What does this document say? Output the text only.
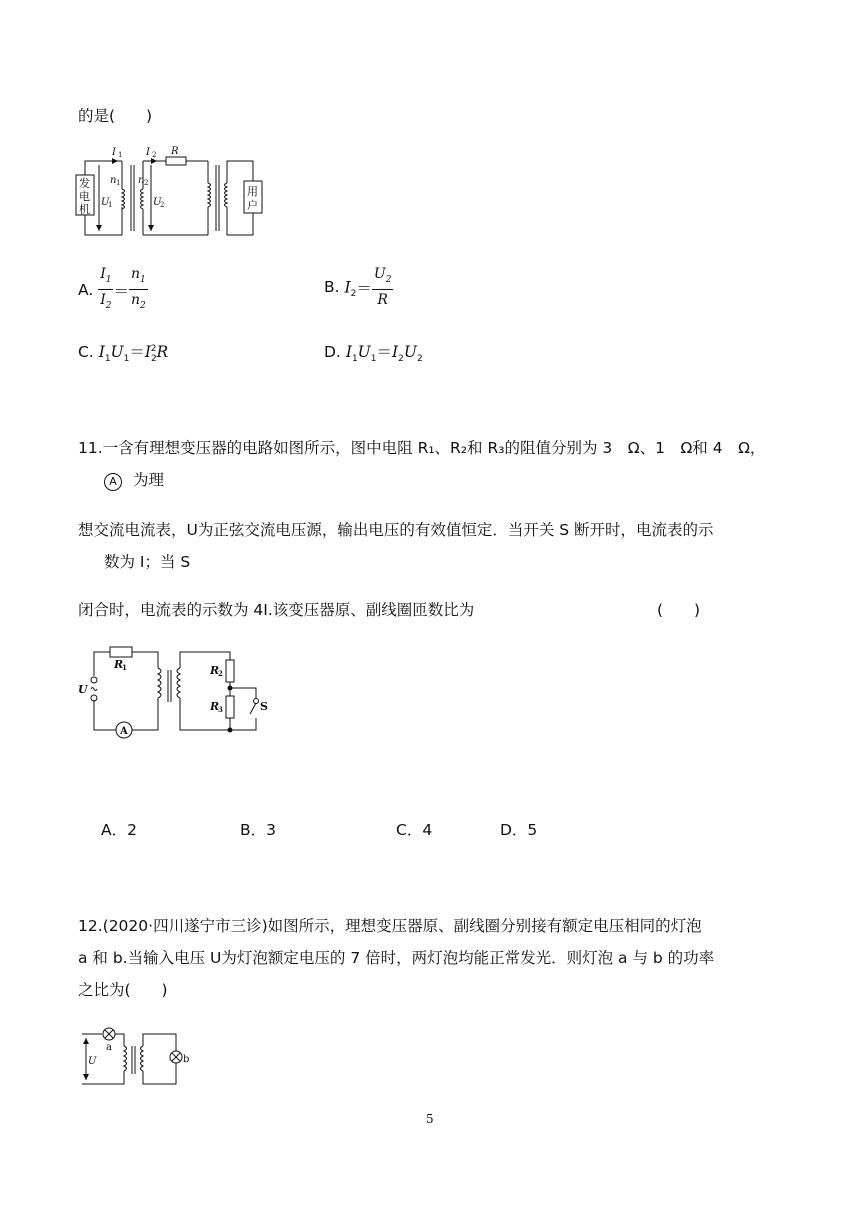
的是(　　)
发
电
机
用
户
I 1 I 2 R
n 1 n 2
U
1	U
2
A. $\frac{I_1}{I_2} = \frac{n_1}{n_2}$	B. $I_2= \frac{U_2}{R}$
C. $I_1U_1=I_2^2R$	D. $I_1U_1=I_2U_2$
11.一含有理想变压器的电路如图所示，图中电阻 R₁、R₂和 R₃的阻值分别为 3　Ω、1　Ω和 4　Ω，
A 为理
想交流电流表，U为正弦交流电压源，输出电压的有效值恒定．当开关 S 断开时，电流表的示
数为 I；当 S
闭合时，电流表的示数为 4I.该变压器原、副线圈匝数比为	(　　)
R
1	R
2
R
3
U
S
A
A．2	B．3	C．4	D．5
12.(2020·四川遂宁市三诊)如图所示，理想变压器原、副线圈分别接有额定电压相同的灯泡
a 和 b.当输入电压 U为灯泡额定电压的 7 倍时，两灯泡均能正常发光．则灯泡 a 与 b 的功率
之比为(　　)
U
a
b
5
